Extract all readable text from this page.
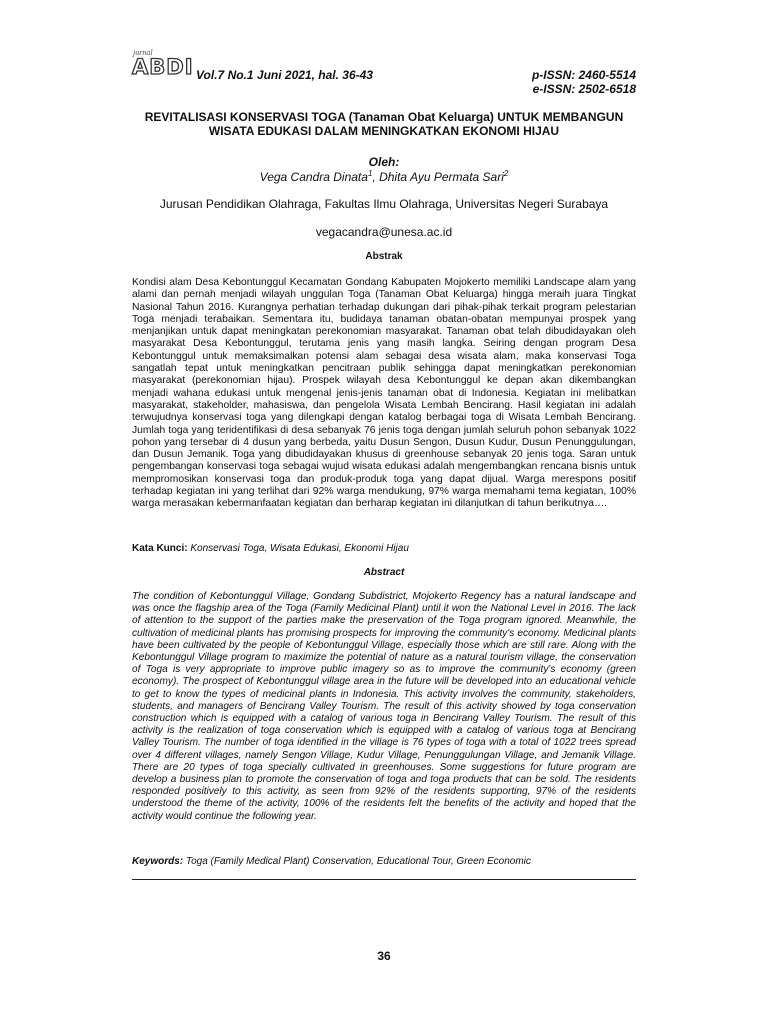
jurnal
ABDI Vol.7 No.1 Juni 2021, hal. 36-43	p-ISSN: 2460-5514
e-ISSN: 2502-6518
REVITALISASI KONSERVASI TOGA (Tanaman Obat Keluarga) UNTUK MEMBANGUN WISATA EDUKASI DALAM MENINGKATKAN EKONOMI HIJAU
Oleh:
Vega Candra Dinata$^1$, Dhita Ayu Permata Sari$^2$
Jurusan Pendidikan Olahraga, Fakultas Ilmu Olahraga, Universitas Negeri Surabaya
vegacandra@unesa.ac.id
Abstrak
Kondisi alam Desa Kebontunggul Kecamatan Gondang Kabupaten Mojokerto memiliki Landscape alam yang alami dan pernah menjadi wilayah unggulan Toga (Tanaman Obat Keluarga) hingga meraih juara Tingkat Nasional Tahun 2016. Kurangnya perhatian terhadap dukungan dari pihak-pihak terkait program pelestarian Toga menjadi terabaikan. Sementara itu, budidaya tanaman obatan-obatan mempunyai prospek yang menjanjikan untuk dapat meningkatan perekonomian masyarakat. Tanaman obat telah dibudidayakan oleh masyarakat Desa Kebontunggul, terutama jenis yang masih langka. Seiring dengan program Desa Kebontunggul untuk memaksimalkan potensi alam sebagai desa wisata alam, maka konservasi Toga sangatlah tepat untuk meningkatkan pencitraan publik sehingga dapat meningkatkan perekonomian masyarakat (perekonomian hijau). Prospek wilayah desa Kebontunggul ke depan akan dikembangkan menjadi wahana edukasi untuk mengenal jenis-jenis tanaman obat di Indonesia. Kegiatan ini melibatkan masyarakat, stakeholder, mahasiswa, dan pengelola Wisata Lembah Bencirang. Hasil kegiatan ini adalah terwujudnya konservasi toga yang dilengkapi dengan katalog berbagai toga di Wisata Lembah Bencirang. Jumlah toga yang teridentifikasi di desa sebanyak 76 jenis toga dengan jumlah seluruh pohon sebanyak 1022 pohon yang tersebar di 4 dusun yang berbeda, yaitu Dusun Sengon, Dusun Kudur, Dusun Penunggulungan, dan Dusun Jemanik. Toga yang dibudidayakan khusus di greenhouse sebanyak 20 jenis toga. Saran untuk pengembangan konservasi toga sebagai wujud wisata edukasi adalah mengembangkan rencana bisnis untuk mempromosikan konservasi toga dan produk-produk toga yang dapat dijual. Warga merespons positif terhadap kegiatan ini yang terlihat dari 92% warga mendukung, 97% warga memahami tema kegiatan, 100% warga merasakan kebermanfaatan kegiatan dan berharap kegiatan ini dilanjutkan di tahun berikutnya….
Kata Kunci: Konservasi Toga, Wisata Edukasi, Ekonomi Hijau
Abstract
The condition of Kebontunggul Village, Gondang Subdistrict, Mojokerto Regency has a natural landscape and was once the flagship area of the Toga (Family Medicinal Plant) until it won the National Level in 2016. The lack of attention to the support of the parties make the preservation of the Toga program ignored. Meanwhile, the cultivation of medicinal plants has promising prospects for improving the community's economy. Medicinal plants have been cultivated by the people of Kebontunggul Village, especially those which are still rare. Along with the Kebontunggul Village program to maximize the potential of nature as a natural tourism village, the conservation of Toga is very appropriate to improve public imagery so as to improve the community's economy (green economy). The prospect of Kebontunggul village area in the future will be developed into an educational vehicle to get to know the types of medicinal plants in Indonesia. This activity involves the community, stakeholders, students, and managers of Bencirang Valley Tourism. The result of this activity showed by toga conservation construction which is equipped with a catalog of various toga in Bencirang Valley Tourism. The result of this activity is the realization of toga conservation which is equipped with a catalog of various toga at Bencirang Valley Tourism. The number of toga identified in the village is 76 types of toga with a total of 1022 trees spread over 4 different villages, namely Sengon Village, Kudur Village, Penunggulungan Village, and Jemanik Village. There are 20 types of toga specially cultivated in greenhouses. Some suggestions for future program are develop a business plan to promote the conservation of toga and toga products that can be sold. The residents responded positively to this activity, as seen from 92% of the residents supporting, 97% of the residents understood the theme of the activity, 100% of the residents felt the benefits of the activity and hoped that the activity would continue the following year.
Keywords: Toga (Family Medical Plant) Conservation, Educational Tour, Green Economic
36
